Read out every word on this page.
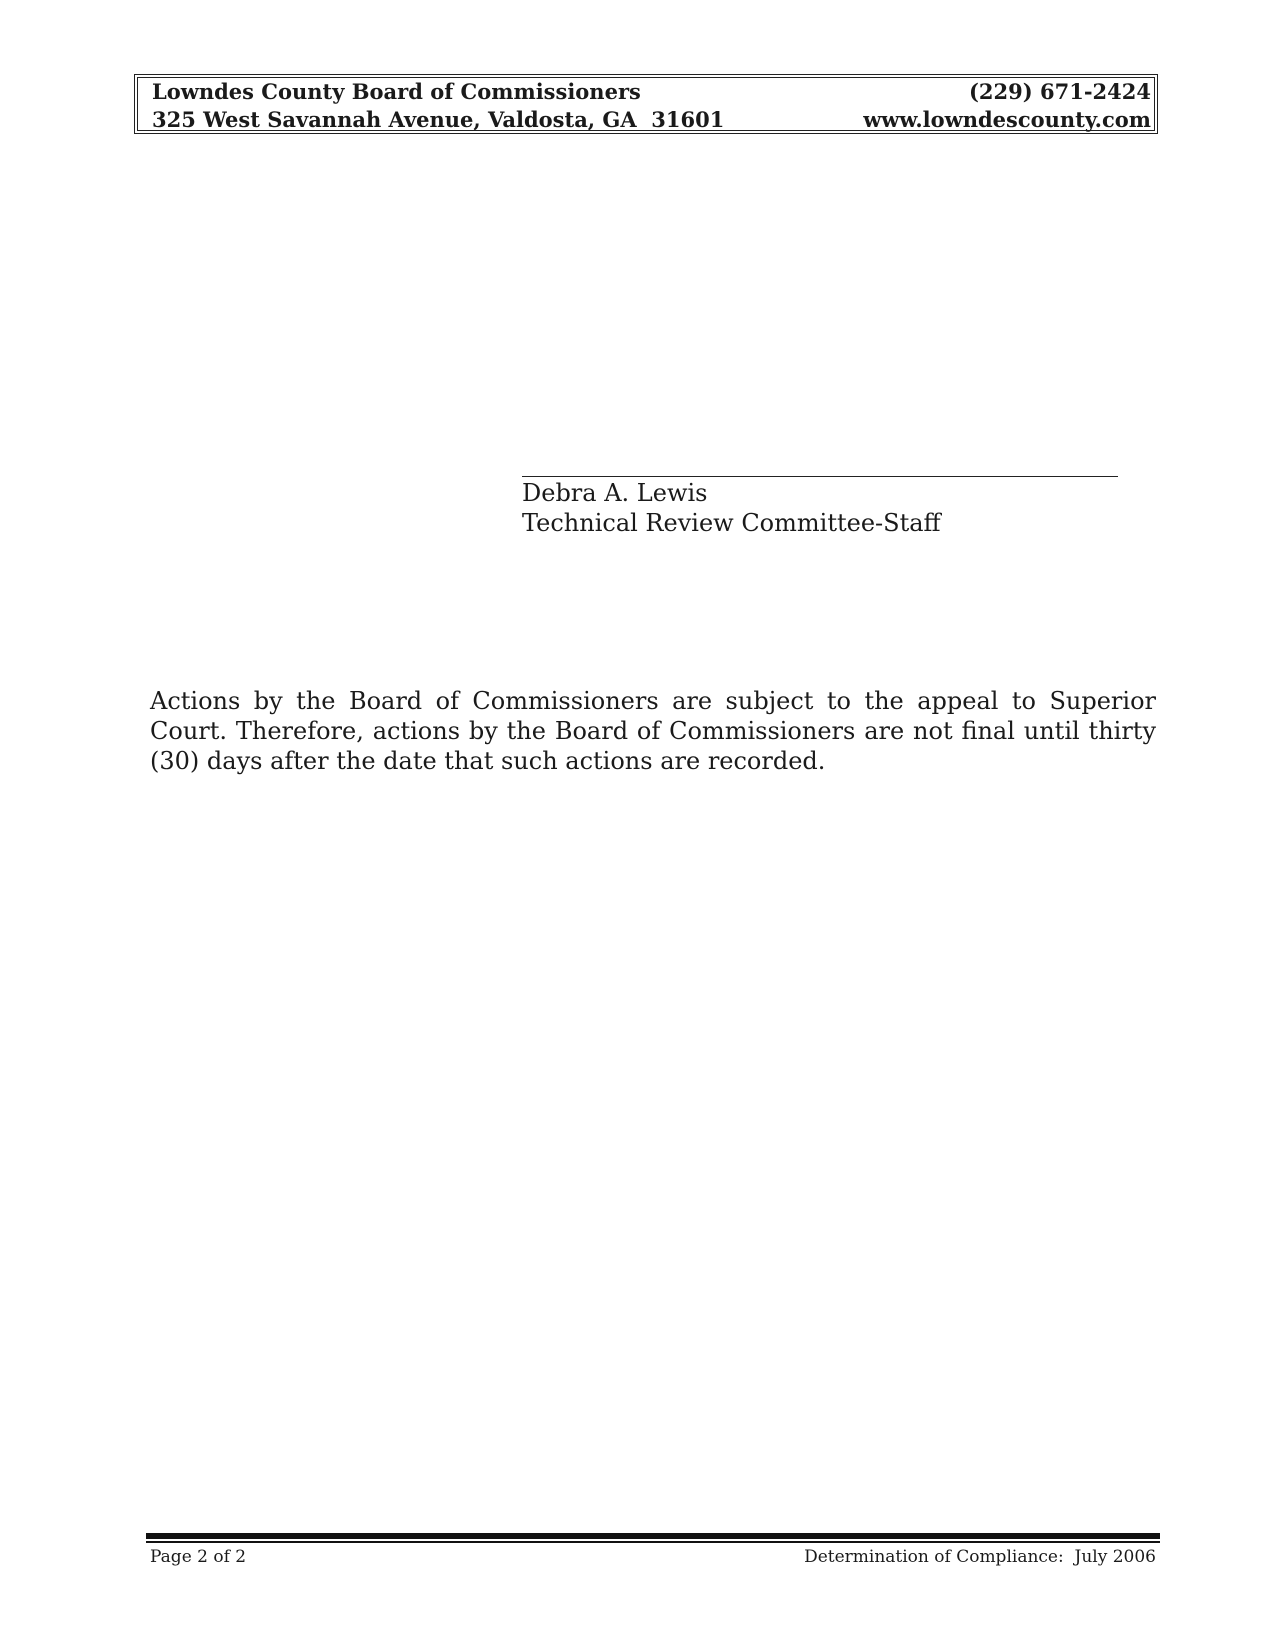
Lowndes County Board of Commissioners	(229) 671-2424
325 West Savannah Avenue, Valdosta, GA  31601	www.lowndescounty.com
Debra A. Lewis
Technical Review Committee-Staff
Actions by the Board of Commissioners are subject to the appeal to Superior Court. Therefore, actions by the Board of Commissioners are not final until thirty (30) days after the date that such actions are recorded.
Page 2 of 2	Determination of Compliance:  July 2006
